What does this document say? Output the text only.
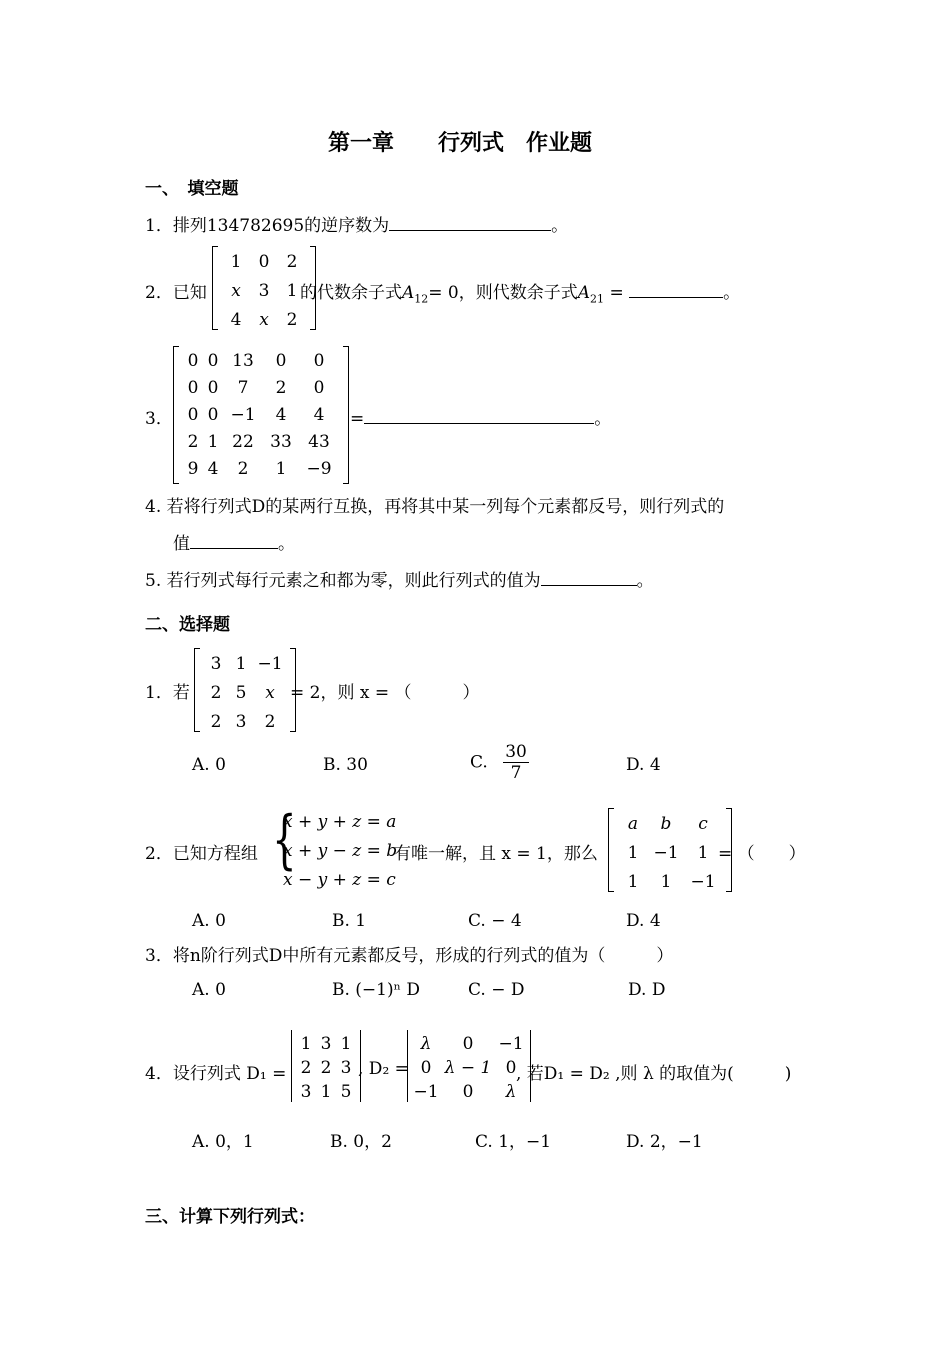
第一章　　行列式　作业题
一、　填空题
1．排列134782695的逆序数为	。
2．已知
1 0 2
x 3 1
4 x 2
的代数余子式$A_{12}= 0$，则代数余子式$A_{21}$ =	。
3．
0 0 13 0 0
0 0 7 2 0
0 0 −1 4 4
2 1 22 33 43
9 4 2 1 −9
=	。
4. 若将行列式D的某两行互换，再将其中某一列每个元素都反号，则行列式的
值	。
5. 若行列式每行元素之和都为零，则此行列式的值为	。
二、选择题
1．若
3 1 −1
2 5 x
2 3 2
= 2，则 x = （　　　）
A. 0	B. 30	C. $\frac{30}{7}$	D. 4
2．已知方程组 {
x + y + z = a
x + y − z = b
x − y + z = c
有唯一解，且 x = 1，那么
a b c
1 −1 1
1 1 −1
= （　　）
A. 0	B. 1	C. − 4	D. 4
3．将n阶行列式D中所有元素都反号，形成的行列式的值为（　　　）
A. 0	B. (−1)ⁿ D	C. − D	D. D
4．设行列式 D₁ =
1 3 1
2 2 3
3 1 5
, D₂ =
λ 0 −1
0 λ − 1 0
−1 0 λ
, 若D₁ = D₂ ,则 λ 的取值为(　　　)
A. 0，1	B. 0，2	C. 1，−1	D. 2，−1
三、计算下列行列式：
